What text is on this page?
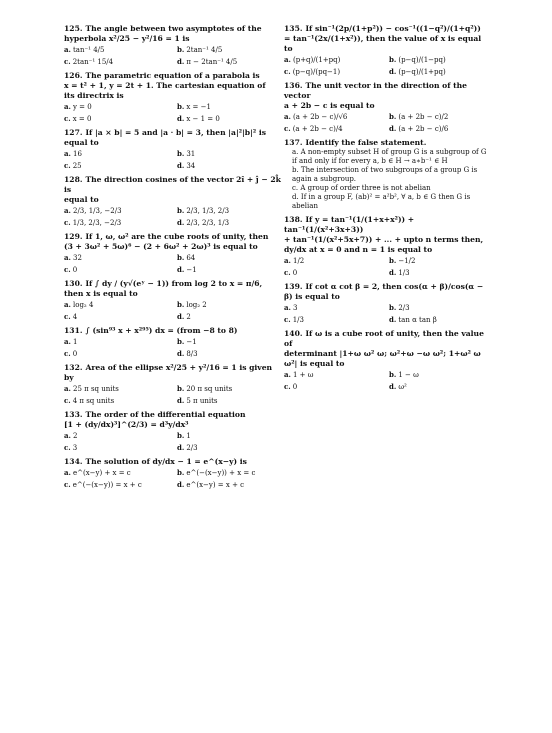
125. The angle between two asymptotes of the
hyperbola x²/25 − y²/16 = 1 is
a. tan⁻¹ 4/5	b. 2tan⁻¹ 4/5
c. 2tan⁻¹ 15/4	d. π − 2tan⁻¹ 4/5
126. The parametric equation of a parabola is
x = t² + 1, y = 2t + 1. The cartesian equation of
its directrix is
a. y = 0	b. x = −1
c. x = 0	d. x − 1 = 0
127. If |a × b| = 5 and |a · b| = 3, then |a|²|b|² is
equal to
a. 16	b. 31
c. 25	d. 34
128. The direction cosines of the vector 2î + ĵ − 2k̂ is
equal to
a. 2/3, 1/3, −2/3	b. 2/3, 1/3, 2/3
c. 1/3, 2/3, −2/3	d. 2/3, 2/3, 1/3
129. If 1, ω, ω² are the cube roots of unity, then
(3 + 3ω² + 5ω)⁶ − (2 + 6ω² + 2ω)³ is equal to
a. 32	b. 64
c. 0	d. −1
130. If ∫ dy / (y√(eʸ − 1)) from log 2 to x = π/6, then x is equal to
a. log₂ 4	b. log₂ 2
c. 4	d. 2
131. ∫ (sin⁹³ x + x²⁹⁵) dx = (from −8 to 8)
a. 1	b. −1
c. 0	d. 8/3
132. Area of the ellipse x²/25 + y²/16 = 1 is given by
a. 25 π sq units	b. 20 π sq units
c. 4 π sq units	d. 5 π units
133. The order of the differential equation
[1 + (dy/dx)³]^(2/3) = d³y/dx³
a. 2	b. 1
c. 3	d. 2/3
134. The solution of dy/dx − 1 = e^(x−y) is
a. e^(x−y) + x = c	b. e^(−(x−y)) + x = c
c. e^(−(x−y)) = x + c	d. e^(x−y) = x + c
135. If sin⁻¹(2p/(1+p²)) − cos⁻¹((1−q²)/(1+q²))
= tan⁻¹(2x/(1+x²)), then the value of x is equal to
a. (p+q)/(1+pq)	b. (p−q)/(1−pq)
c. (p−q)/(pq−1)	d. (p−q)/(1+pq)
136. The unit vector in the direction of the vector
a + 2b − c is equal to
a. (a + 2b − c)/√6	b. (a + 2b − c)/2
c. (a + 2b − c)/4	d. (a + 2b − c)/6
137. Identify the false statement.
a. A non-empty subset H of group G is a subgroup of G
if and only if for every a, b ∈ H → a∗b⁻¹ ∈ H
b. The intersection of two subgroups of a group G is
again a subgroup.
c. A group of order three is not abelian
d. If in a group F, (ab)² = a²b², ∀ a, b ∈ G then G is
abelian
138. If y = tan⁻¹(1/(1+x+x²)) + tan⁻¹(1/(x²+3x+3))
+ tan⁻¹(1/(x²+5x+7)) + ... + upto n terms then,
dy/dx at x = 0 and n = 1 is equal to
a. 1/2	b. −1/2
c. 0	d. 1/3
139. If cot α cot β = 2, then cos(α + β)/cos(α − β) is equal to
a. 3	b. 2/3
c. 1/3	d. tan α tan β
140. If ω is a cube root of unity, then the value of
determinant |1+ω ω² ω; ω²+ω −ω ω²; 1+ω² ω ω²| is equal to
a. 1 + ω	b. 1 − ω
c. 0	d. ω²
